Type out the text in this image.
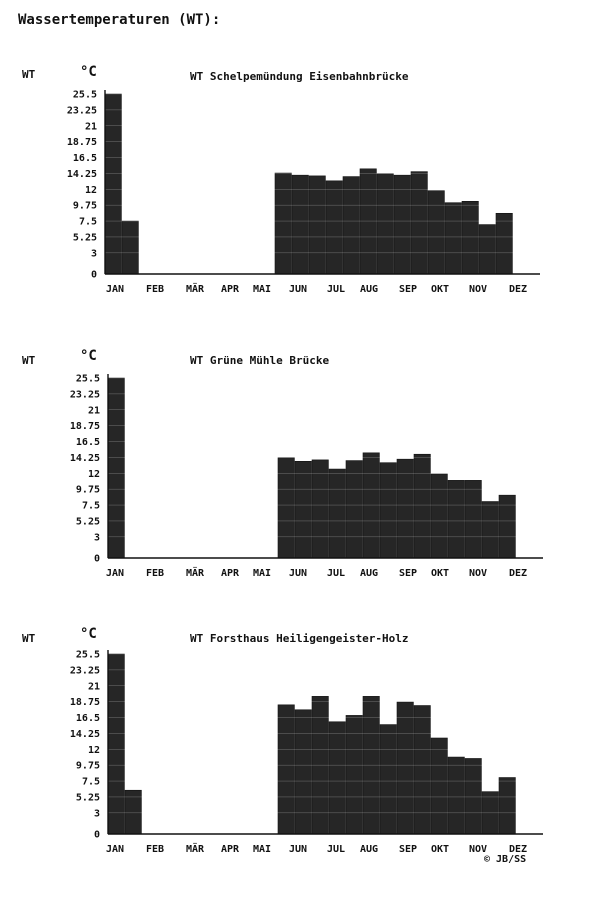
Wassertemperaturen (WT):
WT	°C	WT Schelpemündung Eisenbahnbrücke
0
3
5.25
7.5
9.75
12
14.25
16.5
18.75
21
23.25
25.5
JAN FEB MÄR APR MAI JUN JUL AUG SEP OKT NOV DEZ
WT	°C	WT Grüne Mühle Brücke
0
3
5.25
7.5
9.75
12
14.25
16.5
18.75
21
23.25
25.5
JAN FEB MÄR APR MAI JUN JUL AUG SEP OKT NOV DEZ
WT	°C	WT Forsthaus Heiligengeister-Holz
0
3
5.25
7.5
9.75
12
14.25
16.5
18.75
21
23.25
25.5
JAN FEB MÄR APR MAI JUN JUL AUG SEP OKT NOV DEZ
© JB/SS
